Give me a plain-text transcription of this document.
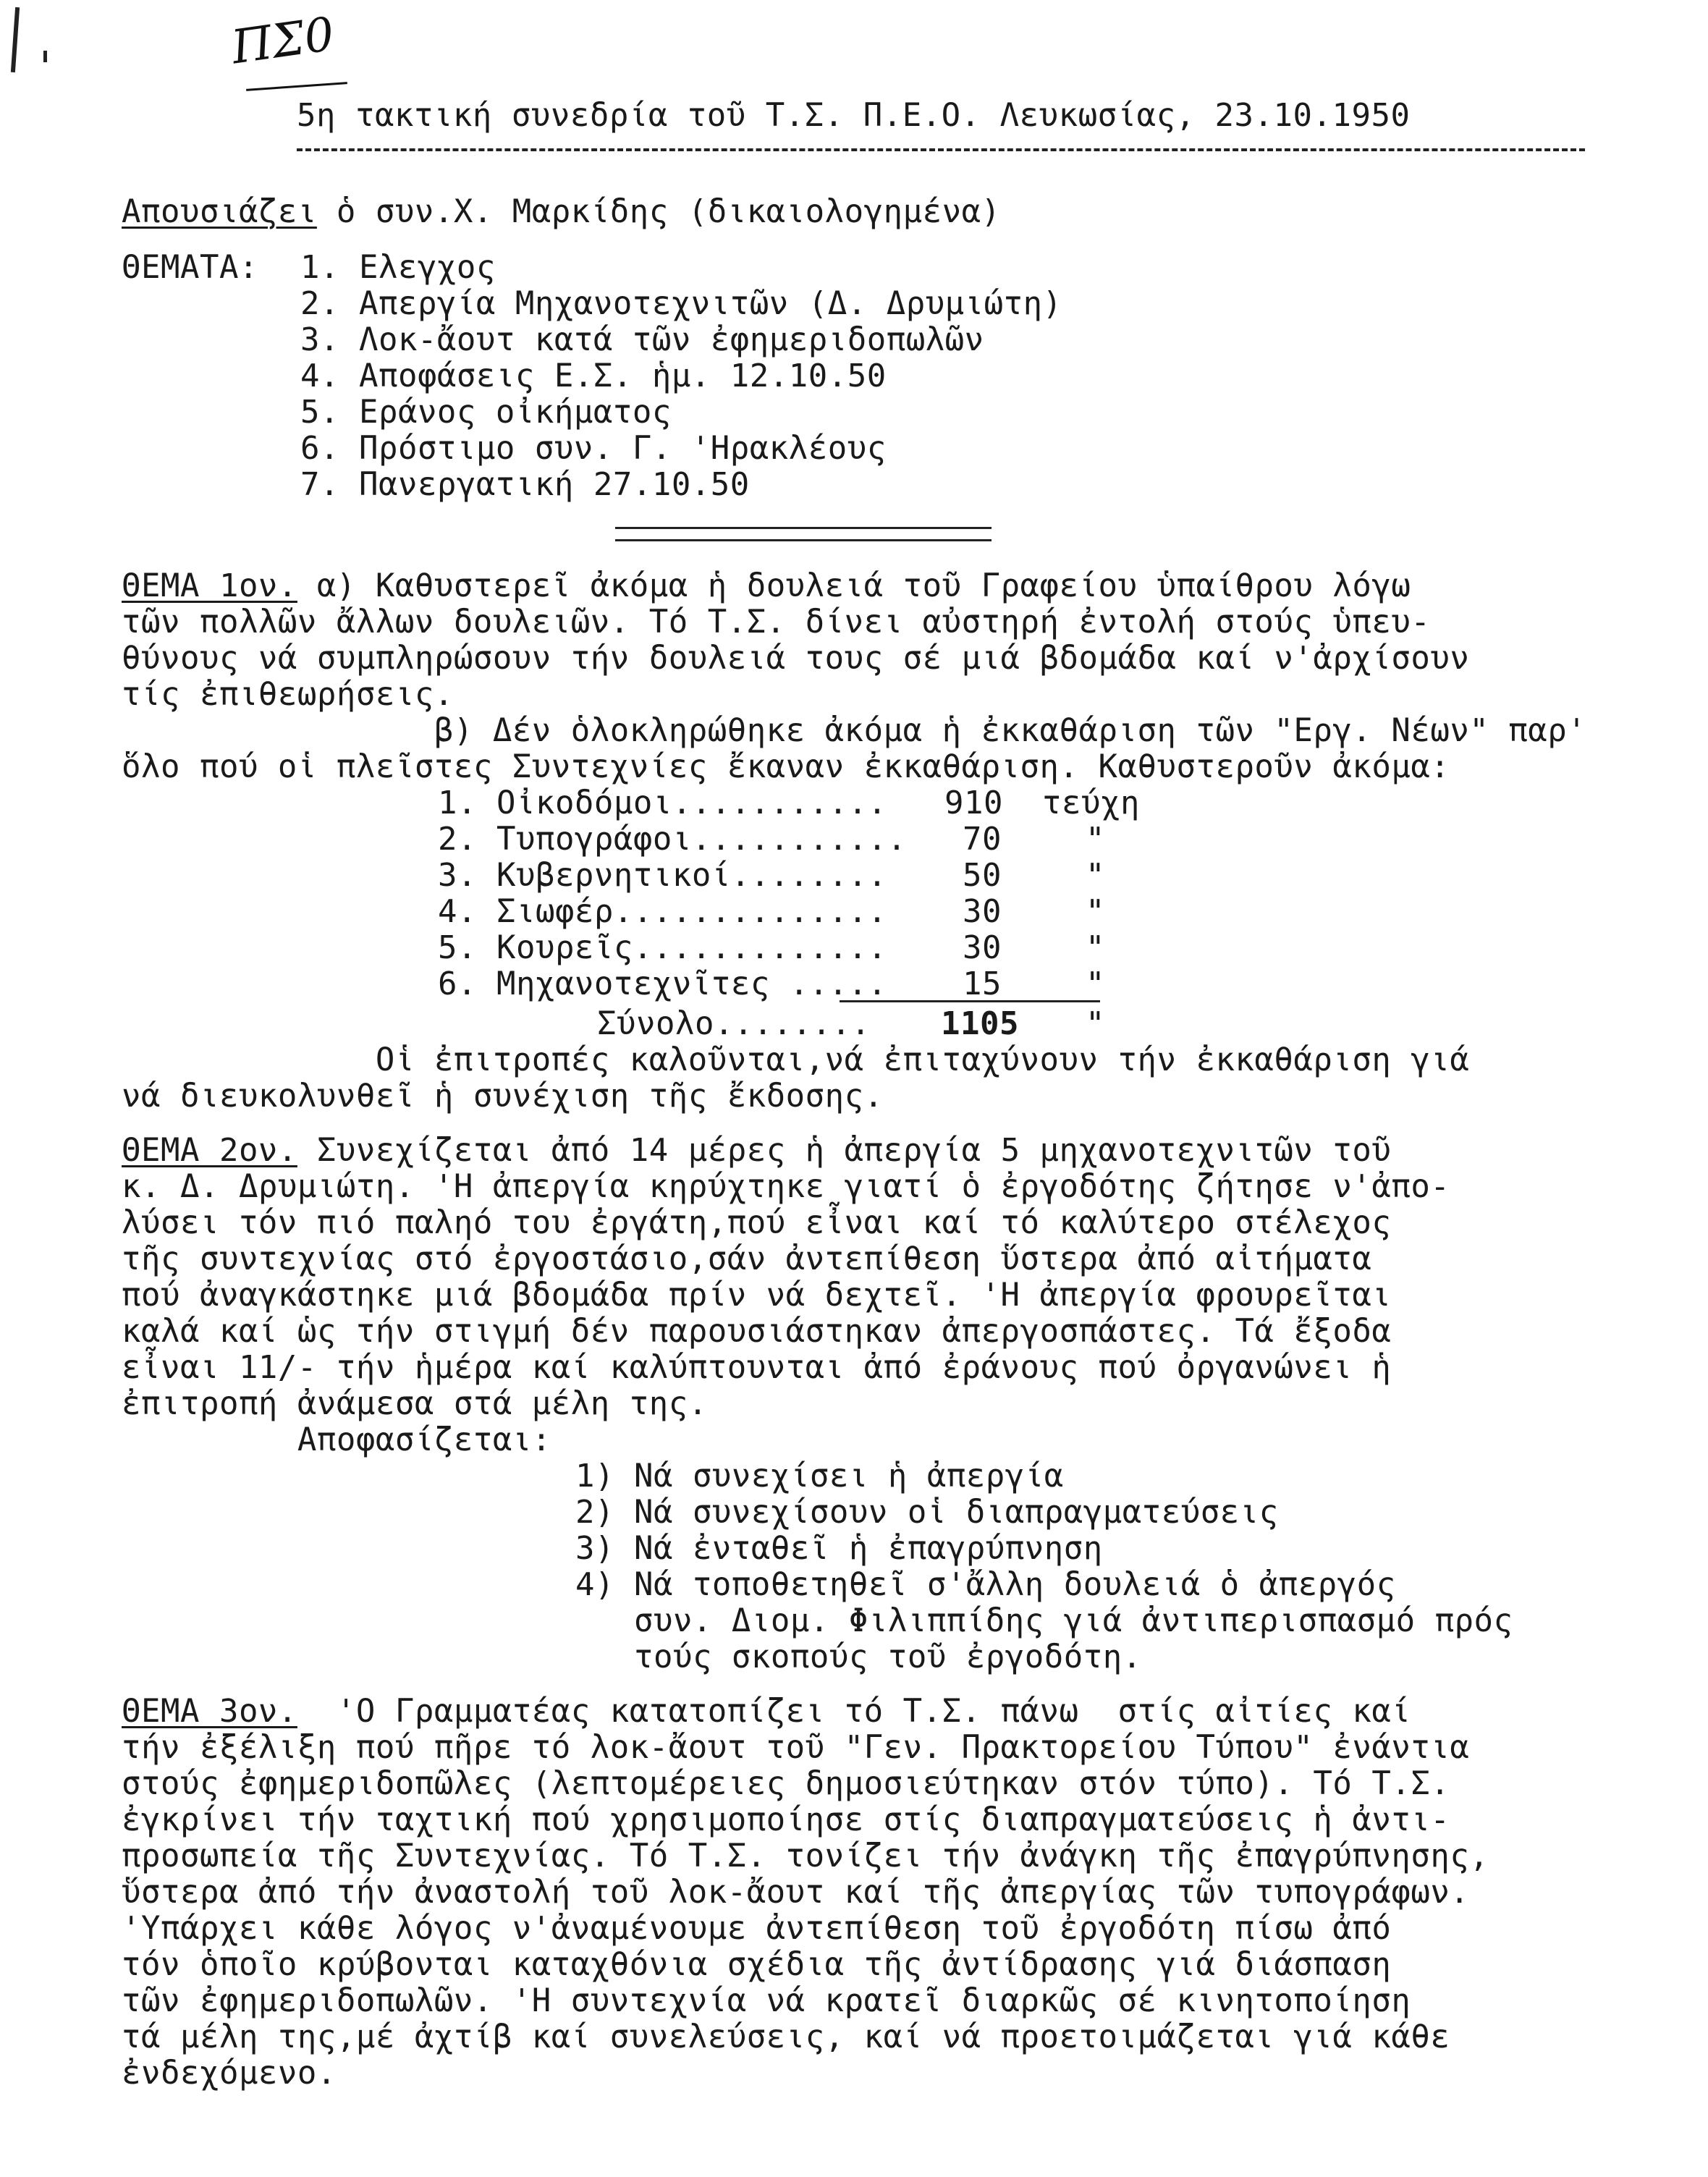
ΠΣ0
5η τακτική συνεδρία τοῦ Τ.Σ. Π.Ε.Ο. Λευκωσίας, 23.10.1950
Απουσιάζει ὁ συν.Χ. Μαρκίδης (δικαιολογημένα)
ΘΕΜΑΤΑ: 1. Ελεγχος
2. Απεργία Μηχανοτεχνιτῶν (Δ. Δρυμιώτη)
3. Λοκ-ἄουτ κατά τῶν ἐφημεριδοπωλῶν
4. Αποφάσεις Ε.Σ. ἡμ. 12.10.50
5. Εράνος οἰκήματος
6. Πρόστιμο συν. Γ. 'Ηρακλέους
7. Πανεργατική 27.10.50
ΘΕΜΑ 1ον. α) Καθυστερεῖ ἀκόμα ἡ δουλειά τοῦ Γραφείου ὑπαίθρου λόγω
τῶν πολλῶν ἄλλων δουλειῶν. Τό Τ.Σ. δίνει αὐστηρή ἐντολή στούς ὑπευ-
θύνους νά συμπληρώσουν τήν δουλειά τους σέ μιά βδομάδα καί ν'ἀρχίσουν
τίς ἐπιθεωρήσεις.
β) Δέν ὁλοκληρώθηκε ἀκόμα ἡ ἐκκαθάριση τῶν "Εργ. Νέων" παρ'
ὅλο πού οἱ πλεῖστες Συντεχνίες ἔκαναν ἐκκαθάριση. Καθυστεροῦν ἀκόμα:
1. Οἰκοδόμοι........... 910 τεύχη
2. Τυπογράφοι........... 70	"
3. Κυβερνητικοί........ 50	"
4. Σιωφέρ.............. 30	"
5. Κουρεῖς............. 30	"
6. Μηχανοτεχνῖτες ..... 15	"
Σύνολο........ 1105 "
Οἱ ἐπιτροπές καλοῦνται,νά ἐπιταχύνουν τήν ἐκκαθάριση γιά
νά διευκολυνθεῖ ἡ συνέχιση τῆς ἔκδοσης.
ΘΕΜΑ 2ον. Συνεχίζεται ἀπό 14 μέρες ἡ ἀπεργία 5 μηχανοτεχνιτῶν τοῦ
κ. Δ. Δρυμιώτη. 'Η ἀπεργία κηρύχτηκε γιατί ὁ ἐργοδότης ζήτησε ν'ἀπο-
λύσει τόν πιό παληό του ἐργάτη,πού εἶναι καί τό καλύτερο στέλεχος
τῆς συντεχνίας στό ἐργοστάσιο,σάν ἀντεπίθεση ὕστερα ἀπό αἰτήματα
πού ἀναγκάστηκε μιά βδομάδα πρίν νά δεχτεῖ. 'Η ἀπεργία φρουρεῖται
καλά καί ὡς τήν στιγμή δέν παρουσιάστηκαν ἀπεργοσπάστες. Τά ἔξοδα
εἶναι 11/- τήν ἡμέρα καί καλύπτουνται ἀπό ἐράνους πού ὀργανώνει ἡ
ἐπιτροπή ἀνάμεσα στά μέλη της.
Αποφασίζεται:
1) Νά συνεχίσει ἡ ἀπεργία
2) Νά συνεχίσουν οἱ διαπραγματεύσεις
3) Νά ἐνταθεῖ ἡ ἐπαγρύπνηση
4) Νά τοποθετηθεῖ σ'ἄλλη δουλειά ὁ ἀπεργός
συν. Διομ. Φιλιππίδης γιά ἀντιπερισπασμό πρός
τούς σκοπούς τοῦ ἐργοδότη.
ΘΕΜΑ 3ον.  'Ο Γραμματέας κατατοπίζει τό Τ.Σ. πάνω  στίς αἰτίες καί
τήν ἐξέλιξη πού πῆρε τό λοκ-ἄουτ τοῦ "Γεν. Πρακτορείου Τύπου" ἐνάντια
στούς ἐφημεριδοπῶλες (λεπτομέρειες δημοσιεύτηκαν στόν τύπο). Τό Τ.Σ.
ἐγκρίνει τήν ταχτική πού χρησιμοποίησε στίς διαπραγματεύσεις ἡ ἀντι-
προσωπεία τῆς Συντεχνίας. Τό Τ.Σ. τονίζει τήν ἀνάγκη τῆς ἐπαγρύπνησης,
ὕστερα ἀπό τήν ἀναστολή τοῦ λοκ-ἄουτ καί τῆς ἀπεργίας τῶν τυπογράφων.
'Υπάρχει κάθε λόγος ν'ἀναμένουμε ἀντεπίθεση τοῦ ἐργοδότη πίσω ἀπό
τόν ὁποῖο κρύβονται καταχθόνια σχέδια τῆς ἀντίδρασης γιά διάσπαση
τῶν ἐφημεριδοπωλῶν. 'Η συντεχνία νά κρατεῖ διαρκῶς σέ κινητοποίηση
τά μέλη της,μέ ἀχτίβ καί συνελεύσεις, καί νά προετοιμάζεται γιά κάθε
ἐνδεχόμενο.
